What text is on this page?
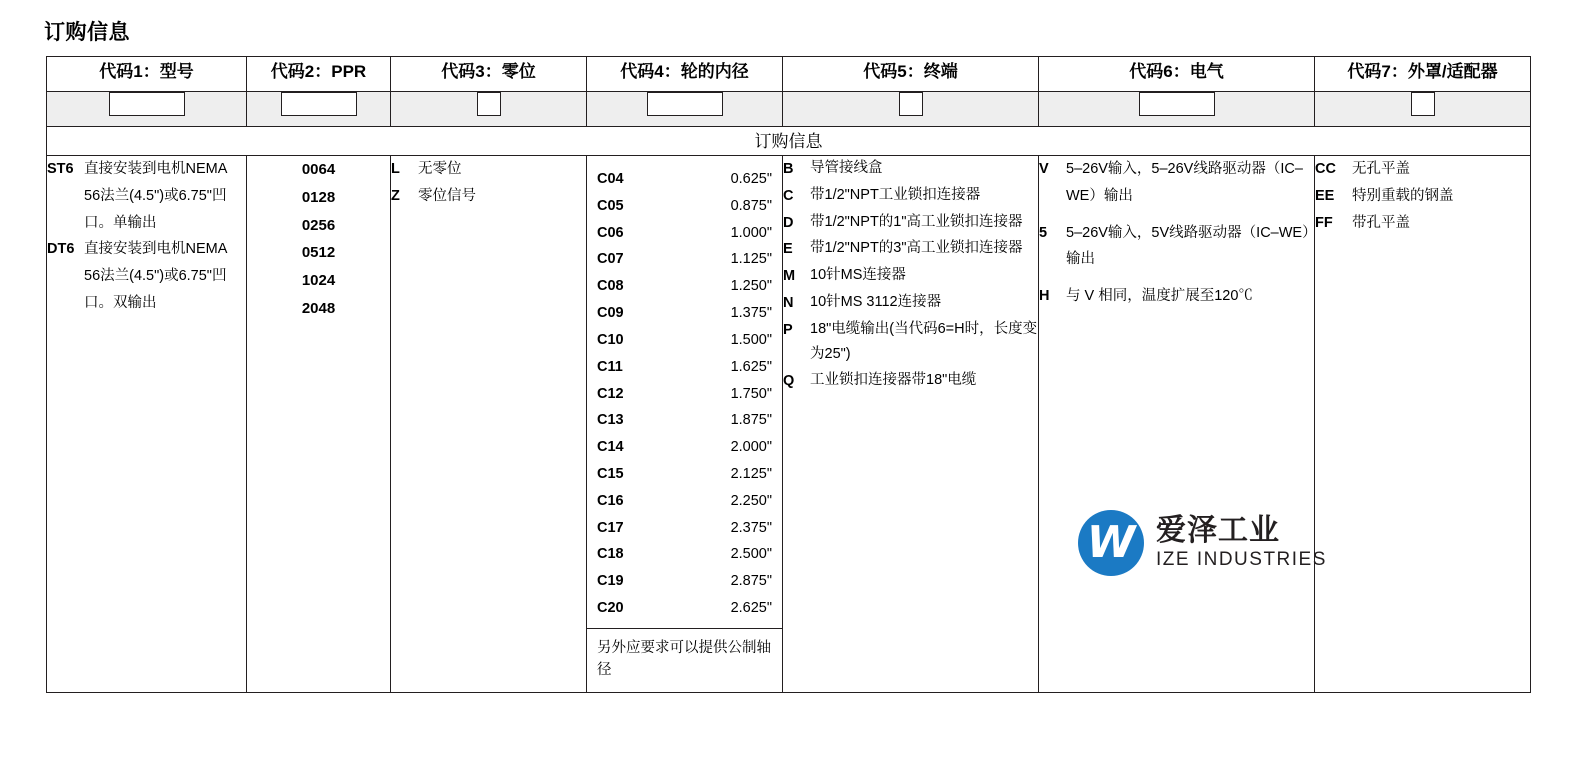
订购信息
代码1：型号	代码2：PPR	代码3：零位	代码4：轮的内径	代码5：终端	代码6：电气	代码7：外罩/适配器

订购信息						

ST6 直接安装到电机NEMA 56法兰(4.5")或6.75"凹口。单输出
DT6 直接安装到电机NEMA 56法兰(4.5")或6.75"凹口。双输出

0064
0128
0256
0512
1024
2048

L	无零位
Z	零位信号

C04	0.625"
C05	0.875"
C06	1.000"
C07	1.125"
C08	1.250"
C09	1.375"
C10	1.500"
C11	1.625"
C12	1.750"
C13	1.875"
C14	2.000"
C15	2.125"
C16	2.250"
C17	2.375"
C18	2.500"
C19	2.875"
C20	2.625"
另外应要求可以提供公制轴径

B	导管接线盒
C	带1/2"NPT工业锁扣连接器
D	带1/2"NPT的1"高工业锁扣连接器
E	带1/2"NPT的3"高工业锁扣连接器
M	10针MS连接器
N	10针MS 3112连接器
P	18"电缆输出(当代码6=H时，长度变为25")
Q	工业锁扣连接器带18"电缆

V	5–26V输入，5–26V线路驱动器（IC–WE）输出
5	5–26V输入，5V线路驱动器（IC–WE）输出
H	与 V 相同，温度扩展至120℃

CC	无孔平盖
EE	特别重载的钢盖
FF	带孔平盖
W 爱泽工业
IZE INDUSTRIES
